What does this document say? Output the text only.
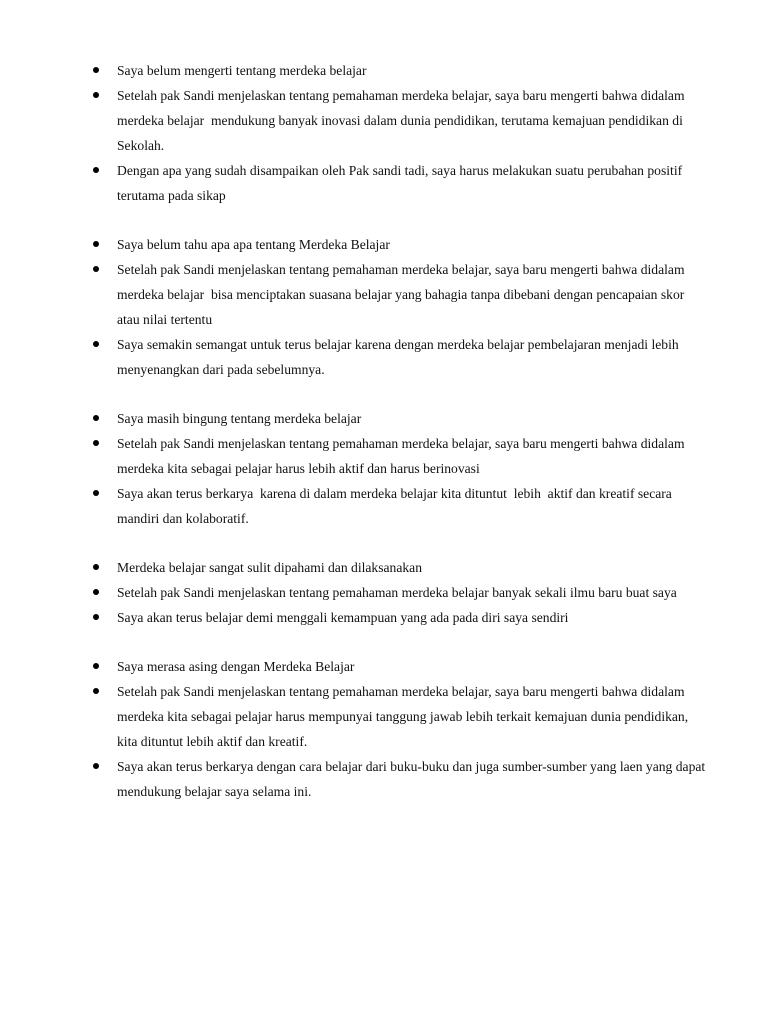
Saya belum mengerti tentang merdeka belajar
Setelah pak Sandi menjelaskan tentang pemahaman merdeka belajar, saya baru mengerti bahwa didalam merdeka belajar  mendukung banyak inovasi dalam dunia pendidikan, terutama kemajuan pendidikan di Sekolah.
Dengan apa yang sudah disampaikan oleh Pak sandi tadi, saya harus melakukan suatu perubahan positif terutama pada sikap
Saya belum tahu apa apa tentang Merdeka Belajar
Setelah pak Sandi menjelaskan tentang pemahaman merdeka belajar, saya baru mengerti bahwa didalam merdeka belajar  bisa menciptakan suasana belajar yang bahagia tanpa dibebani dengan pencapaian skor atau nilai tertentu
Saya semakin semangat untuk terus belajar karena dengan merdeka belajar pembelajaran menjadi lebih menyenangkan dari pada sebelumnya.
Saya masih bingung tentang merdeka belajar
Setelah pak Sandi menjelaskan tentang pemahaman merdeka belajar, saya baru mengerti bahwa didalam merdeka kita sebagai pelajar harus lebih aktif dan harus berinovasi
Saya akan terus berkarya  karena di dalam merdeka belajar kita dituntut  lebih  aktif dan kreatif secara mandiri dan kolaboratif.
Merdeka belajar sangat sulit dipahami dan dilaksanakan
Setelah pak Sandi menjelaskan tentang pemahaman merdeka belajar banyak sekali ilmu baru buat saya
Saya akan terus belajar demi menggali kemampuan yang ada pada diri saya sendiri
Saya merasa asing dengan Merdeka Belajar
Setelah pak Sandi menjelaskan tentang pemahaman merdeka belajar, saya baru mengerti bahwa didalam merdeka kita sebagai pelajar harus mempunyai tanggung jawab lebih terkait kemajuan dunia pendidikan, kita dituntut lebih aktif dan kreatif.
Saya akan terus berkarya dengan cara belajar dari buku-buku dan juga sumber-sumber yang laen yang dapat mendukung belajar saya selama ini.
